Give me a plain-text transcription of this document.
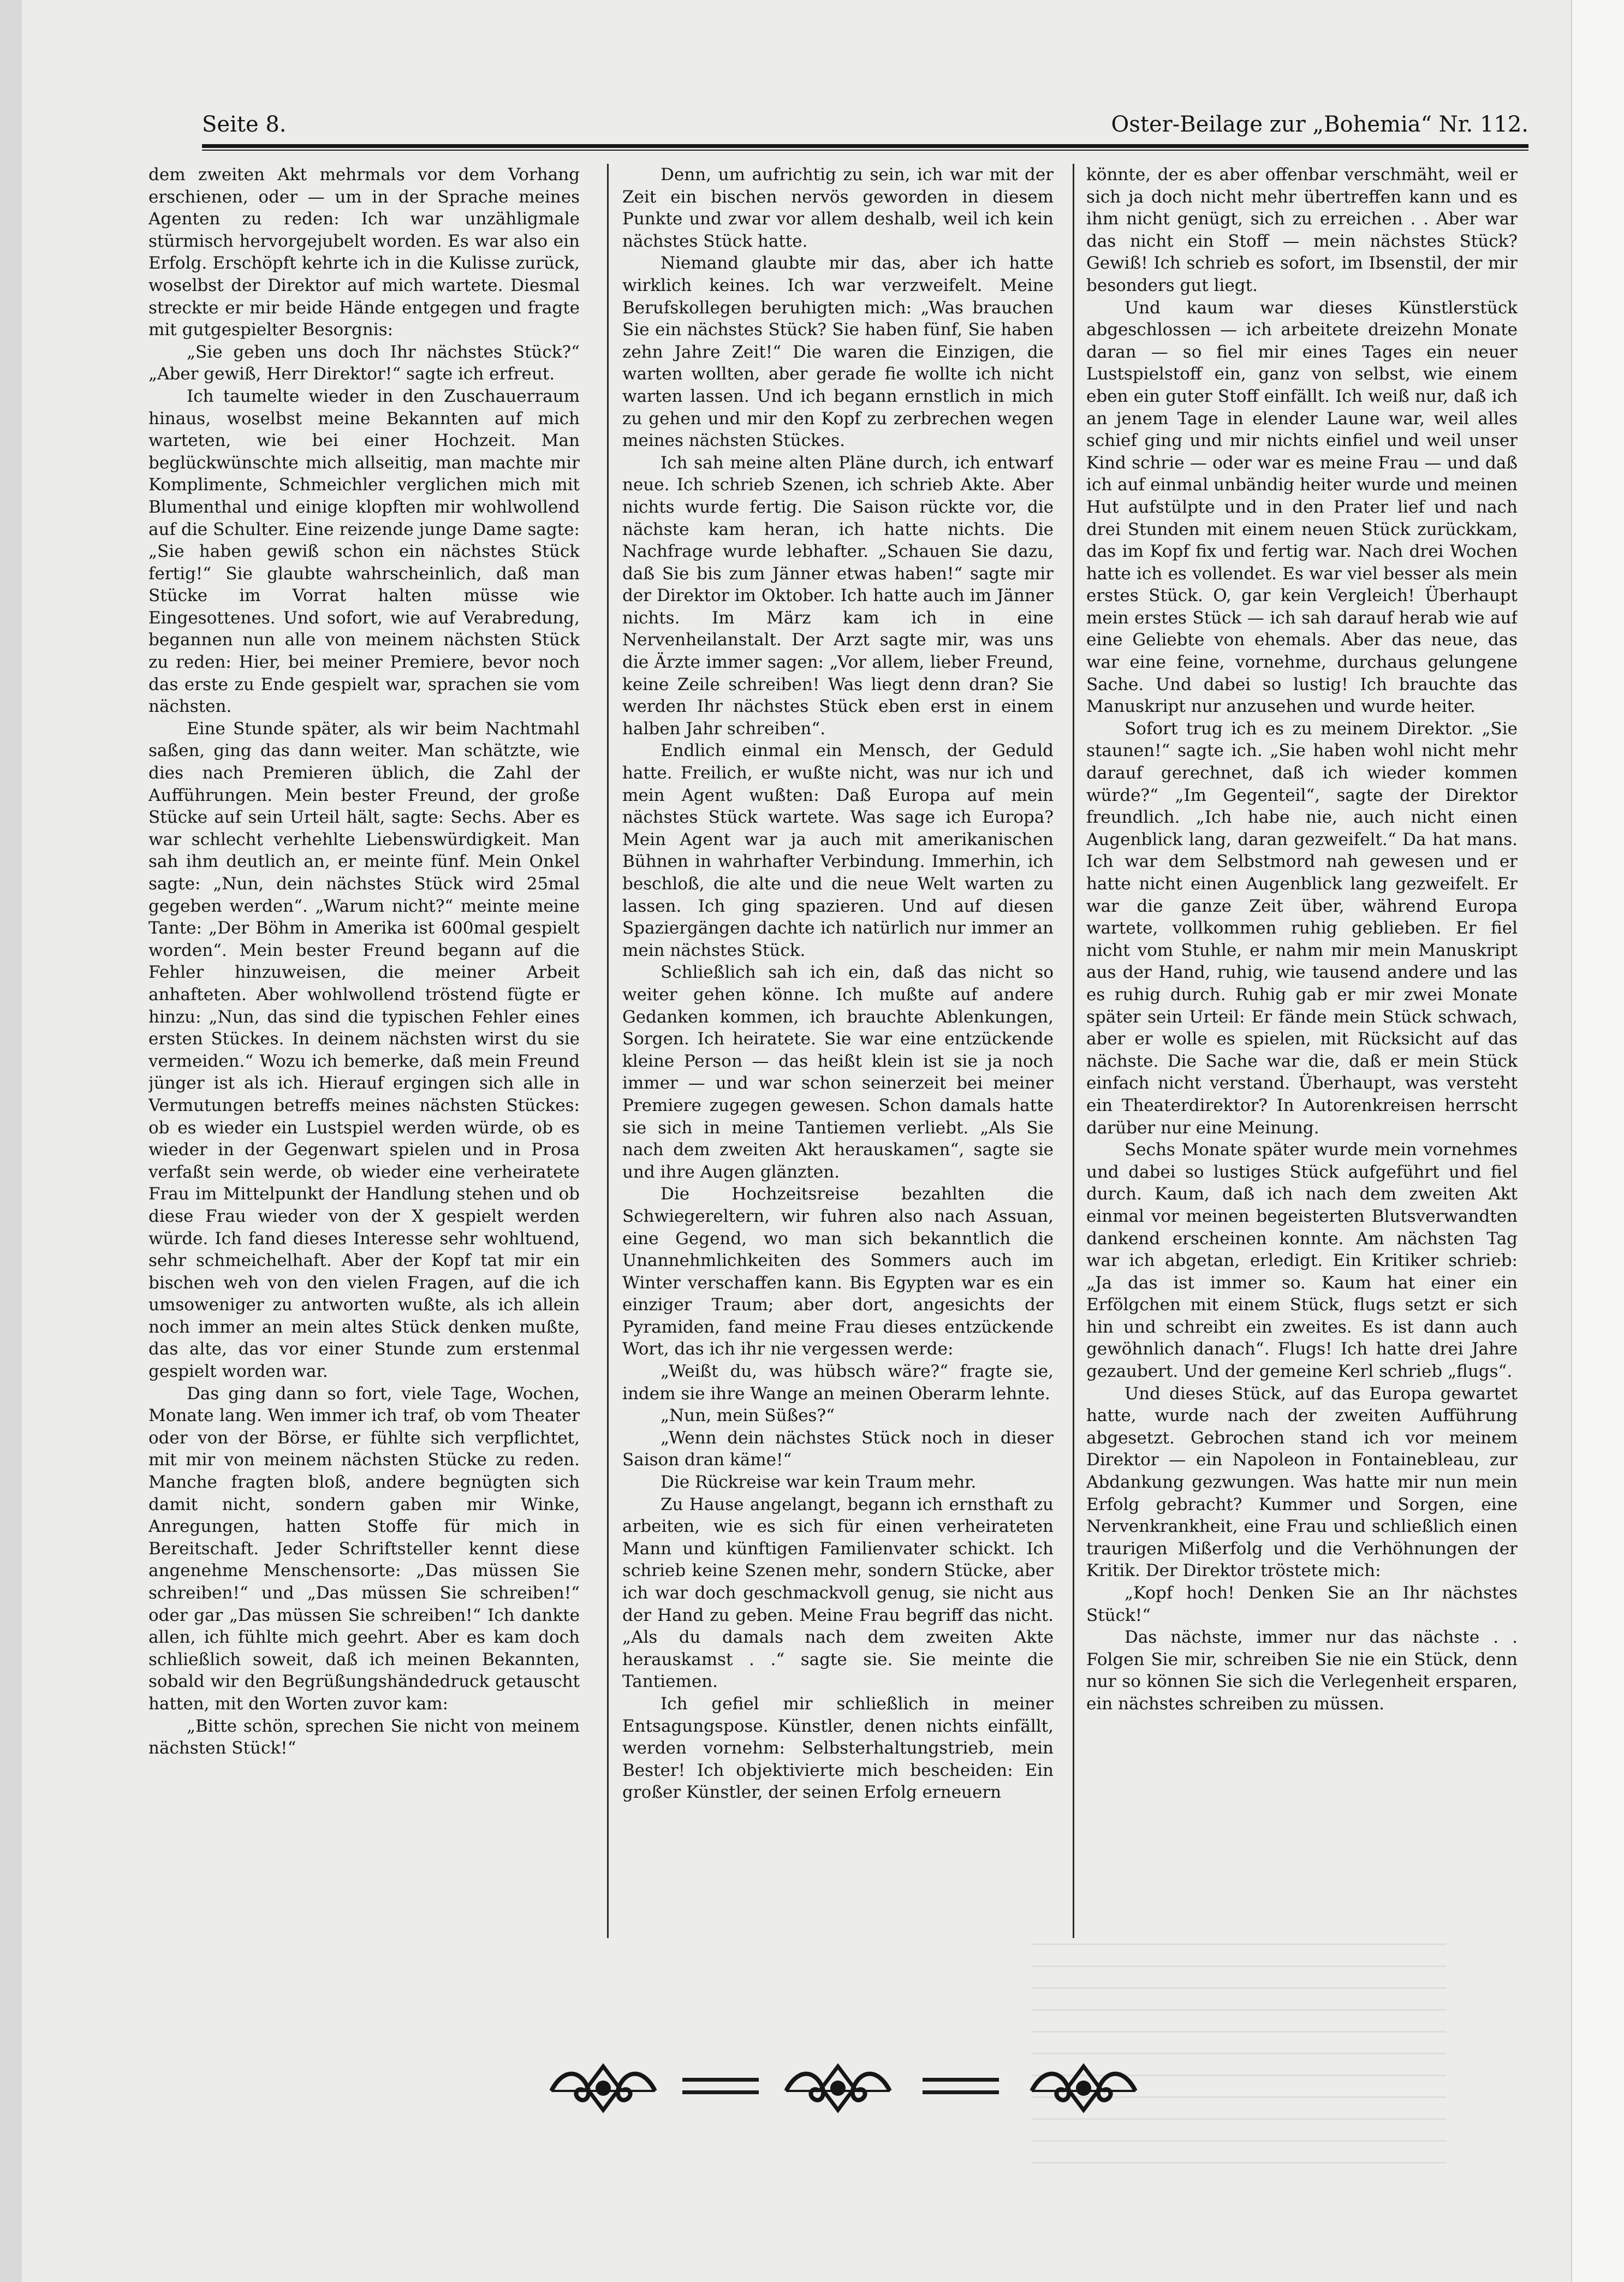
Seite 8.	Oster-Beilage zur „Bohemia“ Nr. 112.

dem zweiten Akt mehrmals vor dem Vorhang erschienen, oder — um in der Sprache meines Agenten zu reden: Ich war unzähligmale stürmisch hervorgejubelt worden. Es war also ein Erfolg. Erschöpft kehrte ich in die Kulisse zurück, woselbst der Direktor auf mich wartete. Diesmal streckte er mir beide Hände entgegen und fragte mit gutgespielter Besorgnis:

„Sie geben uns doch Ihr nächstes Stück?“ „Aber gewiß, Herr Direktor!“ sagte ich erfreut.

Ich taumelte wieder in den Zuschauerraum hinaus, woselbst meine Bekannten auf mich warteten, wie bei einer Hochzeit. Man beglückwünschte mich allseitig, man machte mir Komplimente, Schmeichler verglichen mich mit Blumenthal und einige klopften mir wohlwollend auf die Schulter. Eine reizende junge Dame sagte: „Sie haben gewiß schon ein nächstes Stück fertig!“ Sie glaubte wahrscheinlich, daß man Stücke im Vorrat halten müsse wie Eingesottenes. Und sofort, wie auf Verabredung, begannen nun alle von meinem nächsten Stück zu reden: Hier, bei meiner Premiere, bevor noch das erste zu Ende gespielt war, sprachen sie vom nächsten.

Eine Stunde später, als wir beim Nachtmahl saßen, ging das dann weiter. Man schätzte, wie dies nach Premieren üblich, die Zahl der Aufführungen. Mein bester Freund, der große Stücke auf sein Urteil hält, sagte: Sechs. Aber es war schlecht verhehlte Liebenswürdigkeit. Man sah ihm deutlich an, er meinte fünf. Mein Onkel sagte: „Nun, dein nächstes Stück wird 25mal gegeben werden“. „Warum nicht?“ meinte meine Tante: „Der Böhm in Amerika ist 600mal gespielt worden“. Mein bester Freund begann auf die Fehler hinzuweisen, die meiner Arbeit anhafteten. Aber wohlwollend tröstend fügte er hinzu: „Nun, das sind die typischen Fehler eines ersten Stückes. In deinem nächsten wirst du sie vermeiden.“ Wozu ich bemerke, daß mein Freund jünger ist als ich. Hierauf ergingen sich alle in Vermutungen betreffs meines nächsten Stückes: ob es wieder ein Lustspiel werden würde, ob es wieder in der Gegenwart spielen und in Prosa verfaßt sein werde, ob wieder eine verheiratete Frau im Mittelpunkt der Handlung stehen und ob diese Frau wieder von der X gespielt werden würde. Ich fand dieses Interesse sehr wohltuend, sehr schmeichelhaft. Aber der Kopf tat mir ein bischen weh von den vielen Fragen, auf die ich umsoweniger zu antworten wußte, als ich allein noch immer an mein altes Stück denken mußte, das alte, das vor einer Stunde zum erstenmal gespielt worden war.

Das ging dann so fort, viele Tage, Wochen, Monate lang. Wen immer ich traf, ob vom Theater oder von der Börse, er fühlte sich verpflichtet, mit mir von meinem nächsten Stücke zu reden. Manche fragten bloß, andere begnügten sich damit nicht, sondern gaben mir Winke, Anregungen, hatten Stoffe für mich in Bereitschaft. Jeder Schriftsteller kennt diese angenehme Menschensorte: „Das müssen Sie schreiben!“ und „Das müssen Sie schreiben!“ oder gar „Das müssen Sie schreiben!“ Ich dankte allen, ich fühlte mich geehrt. Aber es kam doch schließlich soweit, daß ich meinen Bekannten, sobald wir den Begrüßungshändedruck getauscht hatten, mit den Worten zuvor kam:

„Bitte schön, sprechen Sie nicht von meinem nächsten Stück!“

Denn, um aufrichtig zu sein, ich war mit der Zeit ein bischen nervös geworden in diesem Punkte und zwar vor allem deshalb, weil ich kein nächstes Stück hatte.

Niemand glaubte mir das, aber ich hatte wirklich keines. Ich war verzweifelt. Meine Berufskollegen beruhigten mich: „Was brauchen Sie ein nächstes Stück? Sie haben fünf, Sie haben zehn Jahre Zeit!“ Die waren die Einzigen, die warten wollten, aber gerade fie wollte ich nicht warten lassen. Und ich begann ernstlich in mich zu gehen und mir den Kopf zu zerbrechen wegen meines nächsten Stückes.

Ich sah meine alten Pläne durch, ich entwarf neue. Ich schrieb Szenen, ich schrieb Akte. Aber nichts wurde fertig. Die Saison rückte vor, die nächste kam heran, ich hatte nichts. Die Nachfrage wurde lebhafter. „Schauen Sie dazu, daß Sie bis zum Jänner etwas haben!“ sagte mir der Direktor im Oktober. Ich hatte auch im Jänner nichts. Im März kam ich in eine Nervenheilanstalt. Der Arzt sagte mir, was uns die Ärzte immer sagen: „Vor allem, lieber Freund, keine Zeile schreiben! Was liegt denn dran? Sie werden Ihr nächstes Stück eben erst in einem halben Jahr schreiben“.

Endlich einmal ein Mensch, der Geduld hatte. Freilich, er wußte nicht, was nur ich und mein Agent wußten: Daß Europa auf mein nächstes Stück wartete. Was sage ich Europa? Mein Agent war ja auch mit amerikanischen Bühnen in wahrhafter Verbindung. Immerhin, ich beschloß, die alte und die neue Welt warten zu lassen. Ich ging spazieren. Und auf diesen Spaziergängen dachte ich natürlich nur immer an mein nächstes Stück.

Schließlich sah ich ein, daß das nicht so weiter gehen könne. Ich mußte auf andere Gedanken kommen, ich brauchte Ablenkungen, Sorgen. Ich heiratete. Sie war eine entzückende kleine Person — das heißt klein ist sie ja noch immer — und war schon seinerzeit bei meiner Premiere zugegen gewesen. Schon damals hatte sie sich in meine Tantiemen verliebt. „Als Sie nach dem zweiten Akt herauskamen“, sagte sie und ihre Augen glänzten.

Die Hochzeitsreise bezahlten die Schwiegereltern, wir fuhren also nach Assuan, eine Gegend, wo man sich bekanntlich die Unannehmlichkeiten des Sommers auch im Winter verschaffen kann. Bis Egypten war es ein einziger Traum; aber dort, angesichts der Pyramiden, fand meine Frau dieses entzückende Wort, das ich ihr nie vergessen werde:

„Weißt du, was hübsch wäre?“ fragte sie, indem sie ihre Wange an meinen Oberarm lehnte.

„Nun, mein Süßes?“

„Wenn dein nächstes Stück noch in dieser Saison dran käme!“

Die Rückreise war kein Traum mehr.

Zu Hause angelangt, begann ich ernsthaft zu arbeiten, wie es sich für einen verheirateten Mann und künftigen Familienvater schickt. Ich schrieb keine Szenen mehr, sondern Stücke, aber ich war doch geschmackvoll genug, sie nicht aus der Hand zu geben. Meine Frau begriff das nicht. „Als du damals nach dem zweiten Akte herauskamst . .“ sagte sie. Sie meinte die Tantiemen.

Ich gefiel mir schließlich in meiner Entsagungspose. Künstler, denen nichts einfällt, werden vornehm: Selbsterhaltungstrieb, mein Bester! Ich objektivierte mich bescheiden: Ein großer Künstler, der seinen Erfolg erneuern

könnte, der es aber offenbar verschmäht, weil er sich ja doch nicht mehr übertreffen kann und es ihm nicht genügt, sich zu erreichen . . Aber war das nicht ein Stoff — mein nächstes Stück? Gewiß! Ich schrieb es sofort, im Ibsenstil, der mir besonders gut liegt.

Und kaum war dieses Künstlerstück abgeschlossen — ich arbeitete dreizehn Monate daran — so fiel mir eines Tages ein neuer Lustspielstoff ein, ganz von selbst, wie einem eben ein guter Stoff einfällt. Ich weiß nur, daß ich an jenem Tage in elender Laune war, weil alles schief ging und mir nichts einfiel und weil unser Kind schrie — oder war es meine Frau — und daß ich auf einmal unbändig heiter wurde und meinen Hut aufstülpte und in den Prater lief und nach drei Stunden mit einem neuen Stück zurückkam, das im Kopf fix und fertig war. Nach drei Wochen hatte ich es vollendet. Es war viel besser als mein erstes Stück. O, gar kein Vergleich! Überhaupt mein erstes Stück — ich sah darauf herab wie auf eine Geliebte von ehemals. Aber das neue, das war eine feine, vornehme, durchaus gelungene Sache. Und dabei so lustig! Ich brauchte das Manuskript nur anzusehen und wurde heiter.

Sofort trug ich es zu meinem Direktor. „Sie staunen!“ sagte ich. „Sie haben wohl nicht mehr darauf gerechnet, daß ich wieder kommen würde?“ „Im Gegenteil“, sagte der Direktor freundlich. „Ich habe nie, auch nicht einen Augenblick lang, daran gezweifelt.“ Da hat mans. Ich war dem Selbstmord nah gewesen und er hatte nicht einen Augenblick lang gezweifelt. Er war die ganze Zeit über, während Europa wartete, vollkommen ruhig geblieben. Er fiel nicht vom Stuhle, er nahm mir mein Manuskript aus der Hand, ruhig, wie tausend andere und las es ruhig durch. Ruhig gab er mir zwei Monate später sein Urteil: Er fände mein Stück schwach, aber er wolle es spielen, mit Rücksicht auf das nächste. Die Sache war die, daß er mein Stück einfach nicht verstand. Überhaupt, was versteht ein Theaterdirektor? In Autorenkreisen herrscht darüber nur eine Meinung.

Sechs Monate später wurde mein vornehmes und dabei so lustiges Stück aufgeführt und fiel durch. Kaum, daß ich nach dem zweiten Akt einmal vor meinen begeisterten Blutsverwandten dankend erscheinen konnte. Am nächsten Tag war ich abgetan, erledigt. Ein Kritiker schrieb: „Ja das ist immer so. Kaum hat einer ein Erfölgchen mit einem Stück, flugs setzt er sich hin und schreibt ein zweites. Es ist dann auch gewöhnlich danach“. Flugs! Ich hatte drei Jahre gezaubert. Und der gemeine Kerl schrieb „flugs“.

Und dieses Stück, auf das Europa gewartet hatte, wurde nach der zweiten Aufführung abgesetzt. Gebrochen stand ich vor meinem Direktor — ein Napoleon in Fontainebleau, zur Abdankung gezwungen. Was hatte mir nun mein Erfolg gebracht? Kummer und Sorgen, eine Nervenkrankheit, eine Frau und schließlich einen traurigen Mißerfolg und die Verhöhnungen der Kritik. Der Direktor tröstete mich:

„Kopf hoch! Denken Sie an Ihr nächstes Stück!“

Das nächste, immer nur das nächste . . Folgen Sie mir, schreiben Sie nie ein Stück, denn nur so können Sie sich die Verlegenheit ersparen, ein nächstes schreiben zu müssen.
